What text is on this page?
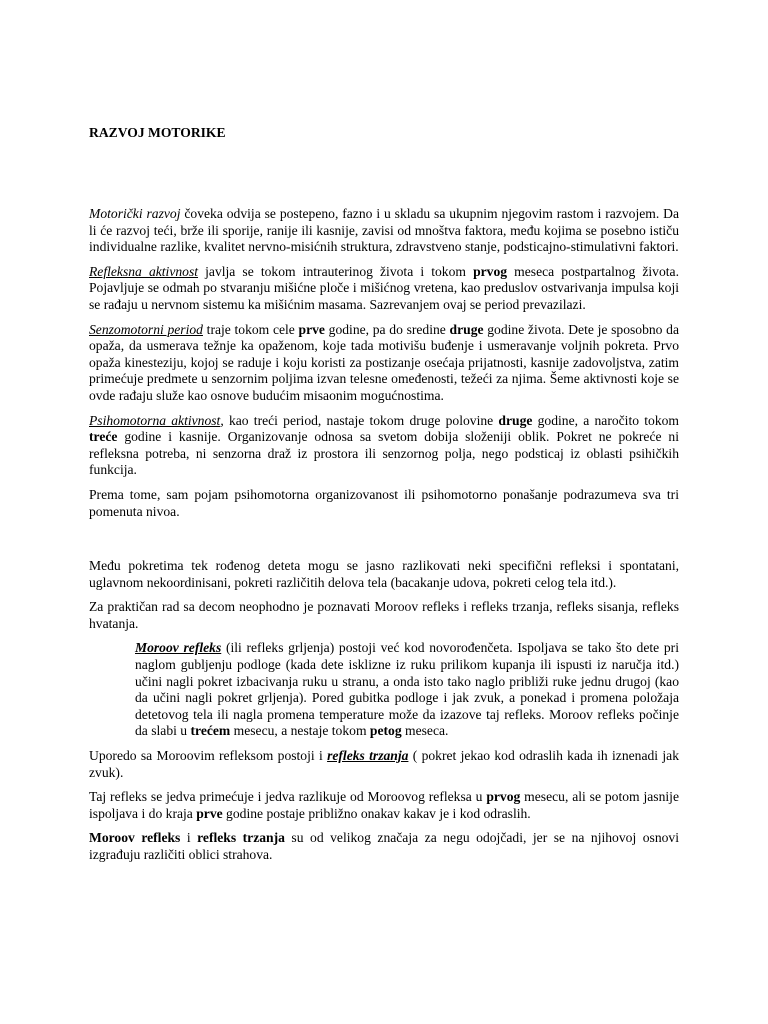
RAZVOJ MOTORIKE

Motorički razvoj čoveka odvija se postepeno, fazno i u skladu sa ukupnim njegovim rastom i razvojem. Da li će razvoj teći, brže ili sporije, ranije ili kasnije, zavisi od mnoštva faktora, među kojima se posebno ističu individualne razlike, kvalitet nervno-misićnih struktura, zdravstveno stanje, podsticajno-stimulativni faktori.

Refleksna aktivnost javlja se tokom intrauterinog života i tokom prvog meseca postpartalnog života. Pojavljuje se odmah po stvaranju mišićne ploče i mišićnog vretena, kao preduslov ostvarivanja impulsa koji se rađaju u nervnom sistemu ka mišićnim masama. Sazrevanjem ovaj se period prevazilazi.

Senzomotorni period traje tokom cele prve godine, pa do sredine druge godine života. Dete je sposobno da opaža, da usmerava težnje ka opaženom, koje tada motivišu buđenje i usmeravanje voljnih pokreta. Prvo opaža kinesteziju, kojoj se raduje i koju koristi za postizanje osećaja prijatnosti, kasnije zadovoljstva, zatim primećuje predmete u senzornim poljima izvan telesne omeđenosti, težeći za njima. Šeme aktivnosti koje se ovde rađaju služe kao osnove budućim misaonim mogućnostima.

Psihomotorna aktivnost, kao treći period, nastaje tokom druge polovine druge godine, a naročito tokom treće godine i kasnije. Organizovanje odnosa sa svetom dobija složeniji oblik. Pokret ne pokreće ni refleksna potreba, ni senzorna draž iz prostora ili senzornog polja, nego podsticaj iz oblasti psihičkih funkcija.

Prema tome, sam pojam psihomotorna organizovanost ili psihomotorno ponašanje podrazumeva sva tri pomenuta nivoa.

Među pokretima tek rođenog deteta mogu se jasno razlikovati neki specifični refleksi i spontatani, uglavnom nekoordinisani, pokreti različitih delova tela (bacakanje udova, pokreti celog tela itd.).

Za praktičan rad sa decom neophodno je poznavati Moroov refleks i refleks trzanja, refleks sisanja, refleks hvatanja.

Moroov refleks (ili refleks grljenja) postoji već kod novorođenčeta. Ispoljava se tako što dete pri naglom gubljenju podloge (kada dete isklizne iz ruku prilikom kupanja ili ispusti iz naručja itd.) učini nagli pokret izbacivanja ruku u stranu, a onda isto tako naglo približi ruke jednu drugoj (kao da učini nagli pokret grljenja). Pored gubitka podloge i jak zvuk, a ponekad i promena položaja detetovog tela ili nagla promena temperature može da izazove taj refleks. Moroov refleks počinje da slabi u trećem mesecu, a nestaje tokom petog meseca.

Uporedo sa Moroovim refleksom postoji i refleks trzanja ( pokret jekao kod odraslih kada ih iznenadi jak zvuk).

Taj refleks se jedva primećuje i jedva razlikuje od Moroovog refleksa u prvog mesecu, ali se potom jasnije ispoljava i do kraja prve godine postaje približno onakav kakav je i kod odraslih.

Moroov refleks i refleks trzanja su od velikog značaja za negu odojčadi, jer se na njihovoj osnovi izgrađuju različiti oblici strahova.
